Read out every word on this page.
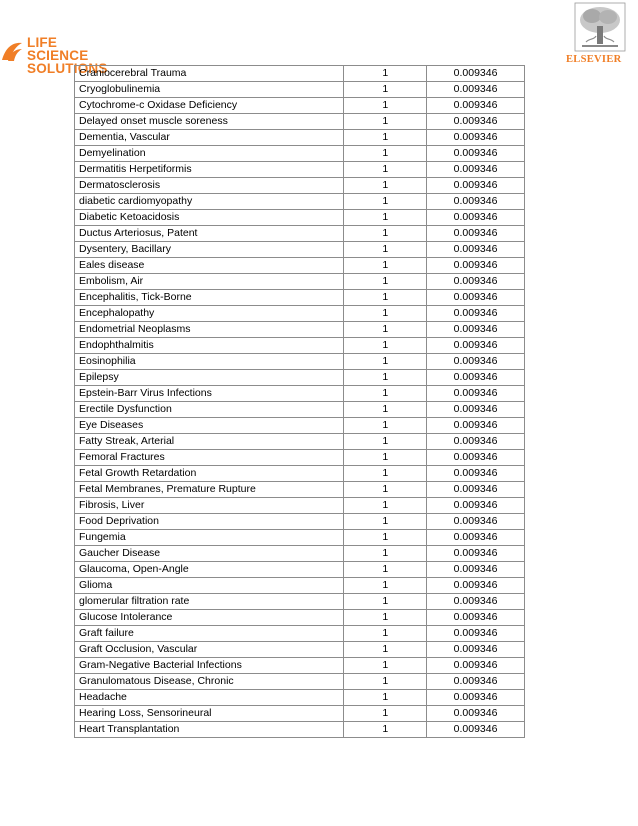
LIFE SCIENCE
SOLUTIONS
ELSEVIER
Craniocerebral Trauma	1	0.009346
Cryoglobulinemia	1	0.009346
Cytochrome-c Oxidase Deficiency	1	0.009346
Delayed onset muscle soreness	1	0.009346
Dementia, Vascular	1	0.009346
Demyelination	1	0.009346
Dermatitis Herpetiformis	1	0.009346
Dermatosclerosis	1	0.009346
diabetic cardiomyopathy	1	0.009346
Diabetic Ketoacidosis	1	0.009346
Ductus Arteriosus, Patent	1	0.009346
Dysentery, Bacillary	1	0.009346
Eales disease	1	0.009346
Embolism, Air	1	0.009346
Encephalitis, Tick-Borne	1	0.009346
Encephalopathy	1	0.009346
Endometrial Neoplasms	1	0.009346
Endophthalmitis	1	0.009346
Eosinophilia	1	0.009346
Epilepsy	1	0.009346
Epstein-Barr Virus Infections	1	0.009346
Erectile Dysfunction	1	0.009346
Eye Diseases	1	0.009346
Fatty Streak, Arterial	1	0.009346
Femoral Fractures	1	0.009346
Fetal Growth Retardation	1	0.009346
Fetal Membranes, Premature Rupture	1	0.009346
Fibrosis, Liver	1	0.009346
Food Deprivation	1	0.009346
Fungemia	1	0.009346
Gaucher Disease	1	0.009346
Glaucoma, Open-Angle	1	0.009346
Glioma	1	0.009346
glomerular filtration rate	1	0.009346
Glucose Intolerance	1	0.009346
Graft failure	1	0.009346
Graft Occlusion, Vascular	1	0.009346
Gram-Negative Bacterial Infections	1	0.009346
Granulomatous Disease, Chronic	1	0.009346
Headache	1	0.009346
Hearing Loss, Sensorineural	1	0.009346
Heart Transplantation	1	0.009346
